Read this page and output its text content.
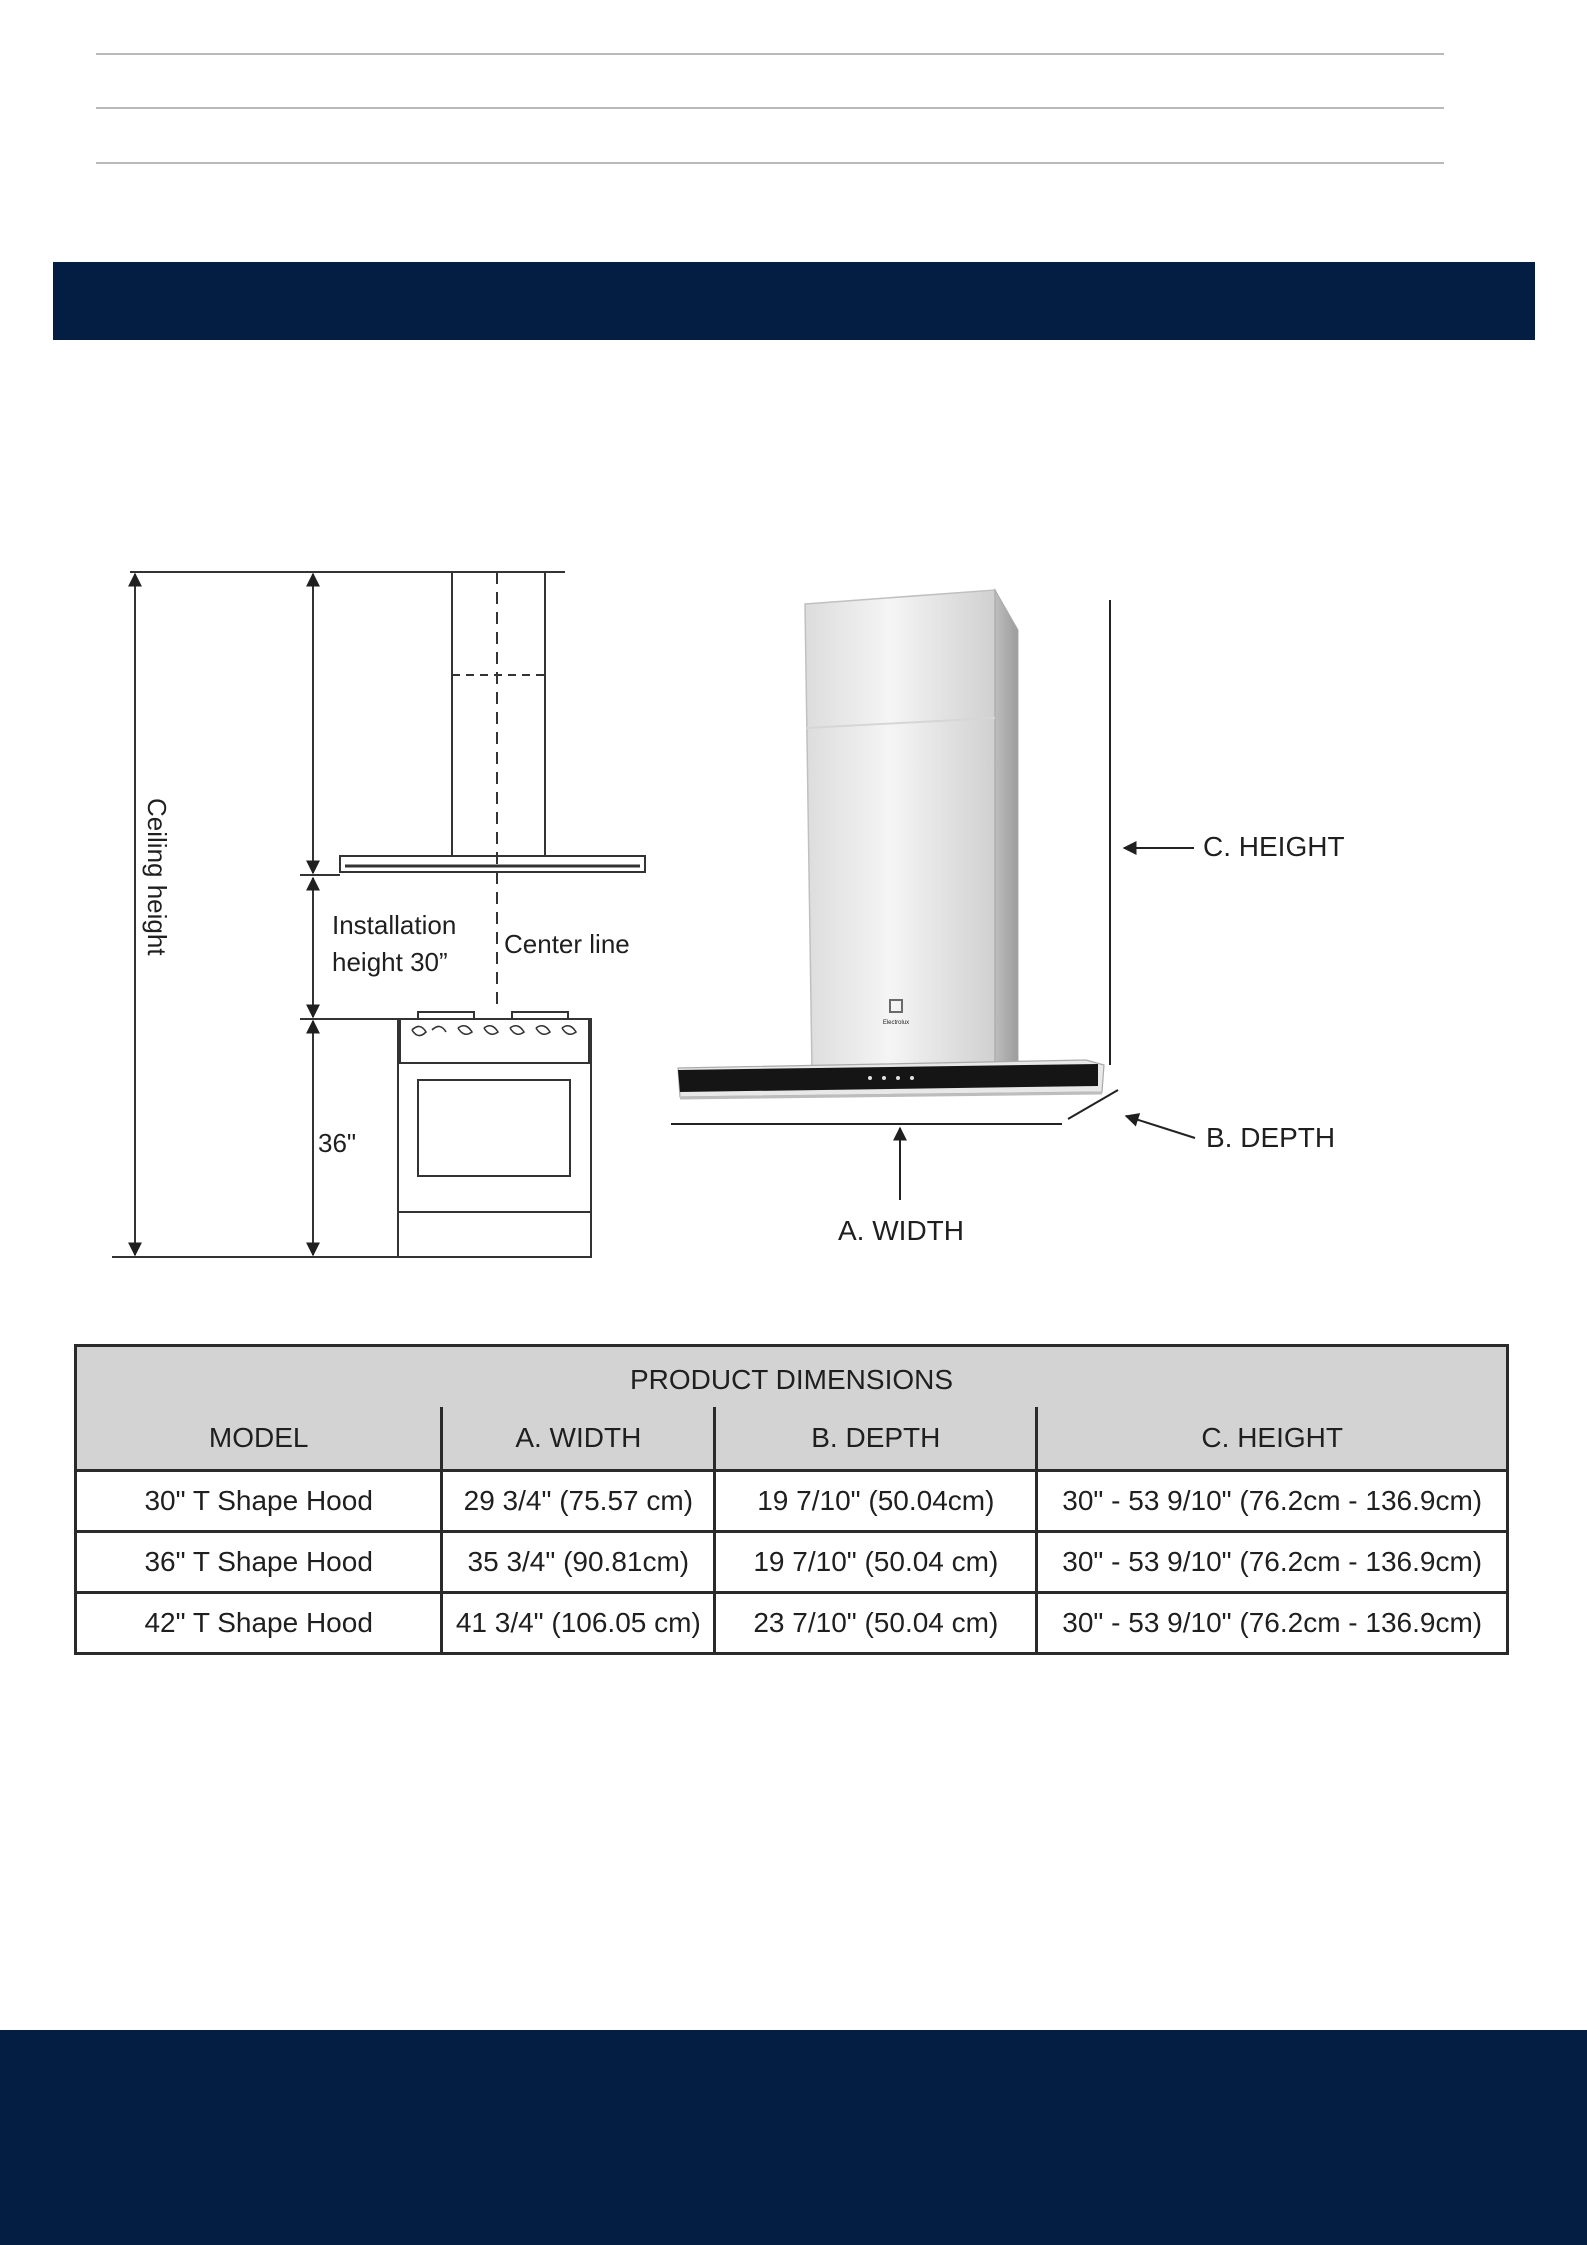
Ceiling height	Installation
height 30”
Center line
36"
Electrolux
C. HEIGHT
B. DEPTH
A. WIDTH
PRODUCT DIMENSIONS			
MODEL	A. WIDTH	B. DEPTH	C. HEIGHT
30" T Shape Hood	29 3/4" (75.57 cm)	19 7/10" (50.04cm)	30" - 53 9/10" (76.2cm - 136.9cm)
36" T Shape Hood	35 3/4" (90.81cm)	19 7/10" (50.04 cm)	30" - 53 9/10" (76.2cm - 136.9cm)
42" T Shape Hood	41 3/4" (106.05 cm)	23 7/10" (50.04 cm)	30" - 53 9/10" (76.2cm - 136.9cm)
